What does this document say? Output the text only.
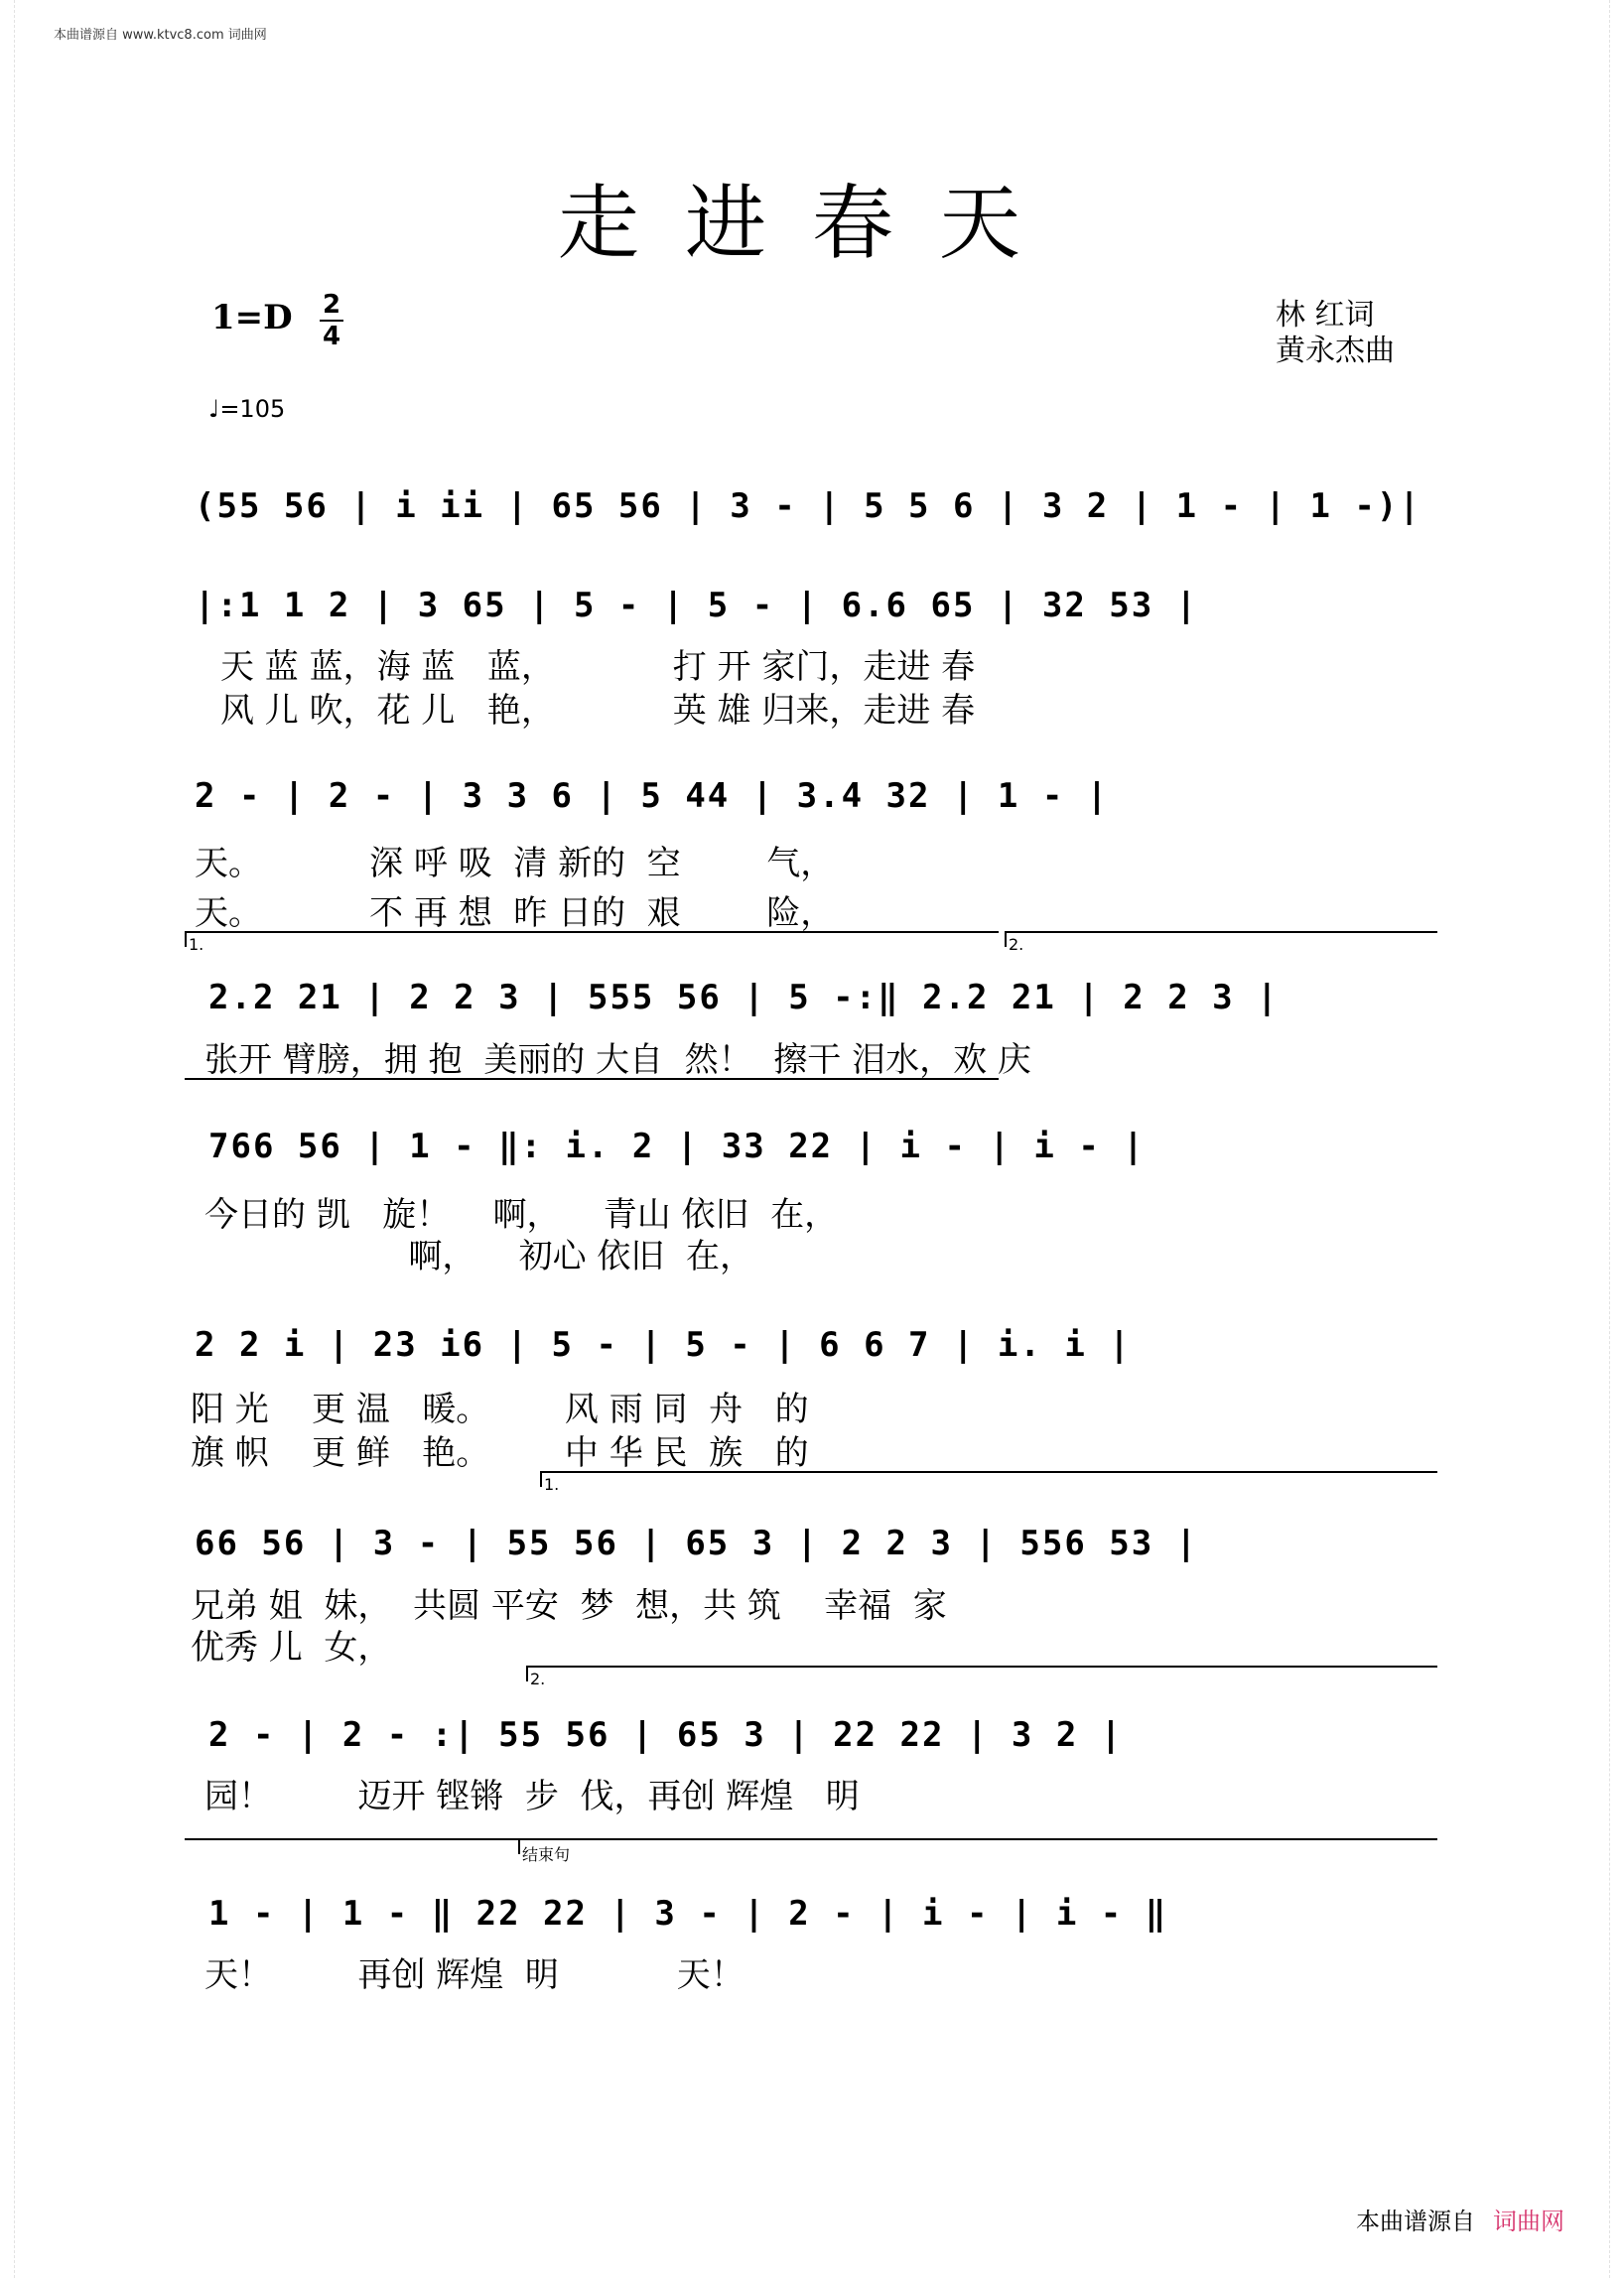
本曲谱源自 www.ktvc8.com 词曲网
走进春天
1=D 2
4
♩=105
林 红词
黄永杰曲
(55 56 | i ii | 65 56 | 3 - | 5 5 6 | 3 2 | 1 - | 1 -)|
|:1 1 2 | 3 65 | 5 - | 5 - | 6.6 65 | 32 53 |
天 蓝 蓝，海 蓝   蓝，           打 开 家门，走进 春
风 儿 吹，花 儿   艳，           英 雄 归来，走进 春
2 - | 2 - | 3 3 6 | 5 44 | 3.4 32 | 1 - |
天。          深 呼 吸  清 新的  空        气，
天。          不 再 想  昨 日的  艰        险，
1.	2.
2.2 21 | 2 2 3 | 555 56 | 5 -:‖ 2.2 21 | 2 2 3 |
张开 臂膀，拥 抱  美丽的 大自  然！  擦干 泪水，欢 庆
766 56 | 1 - ‖: i. 2 | 33 22 | i - | i - |
今日的 凯   旋！    啊，    青山 依旧  在，
啊，    初心 依旧  在，
2 2 i | 23 i6 | 5 - | 5 - | 6 6 7 | i. i |
阳 光    更 温   暖。       风 雨 同  舟   的
旗 帜    更 鲜   艳。       中 华 民  族   的
1.
66 56 | 3 - | 55 56 | 65 3 | 2 2 3 | 556 53 |
兄弟 姐  妹，  共圆 平安  梦  想，共 筑    幸福  家
优秀 儿  女，
2.
2 - | 2 - :| 55 56 | 65 3 | 22 22 | 3 2 |
园！        迈开 铿锵  步  伐，再创 辉煌   明
结束句
1 - | 1 - ‖ 22 22 | 3 - | 2 - | i - | i - ‖
天！        再创 辉煌  明           天！
本曲谱源自 词曲网
